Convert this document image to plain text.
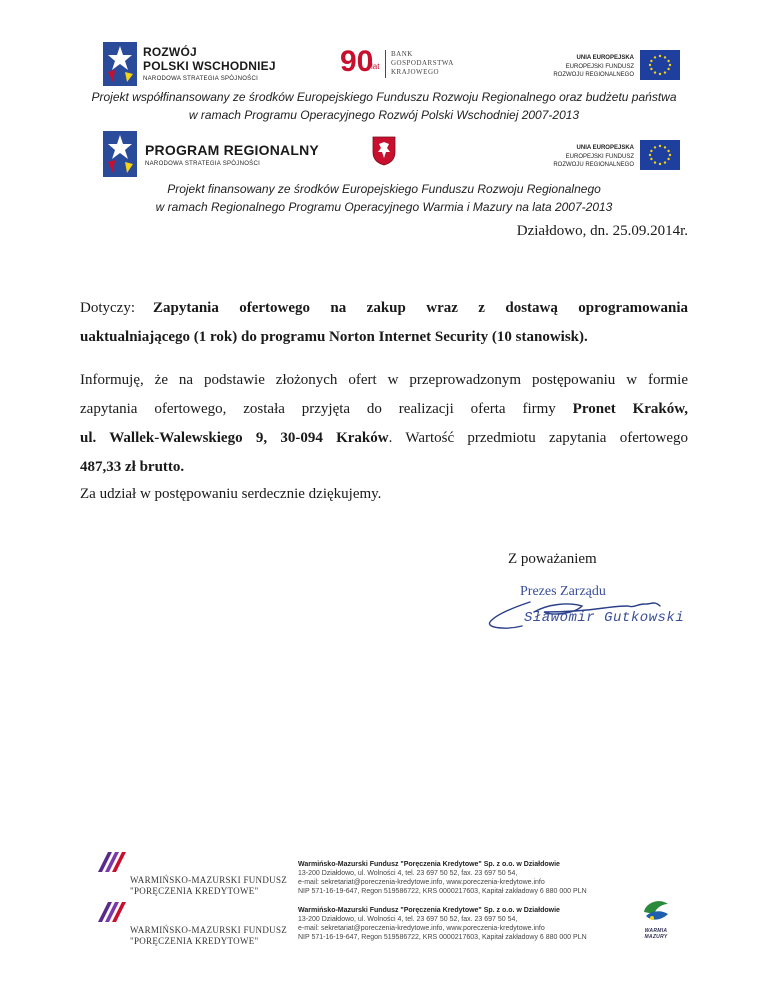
ROZWÓJ
POLSKI WSCHODNIEJ
NARODOWA STRATEGIA SPÓJNOŚCI
90
lat
BANK
GOSPODARSTWA
KRAJOWEGO
UNIA EUROPEJSKA
EUROPEJSKI FUNDUSZ
ROZWOJU REGIONALNEGO
Projekt współfinansowany ze środków Europejskiego Funduszu Rozwoju Regionalnego oraz budżetu państwa
w ramach Programu Operacyjnego Rozwój Polski Wschodniej 2007-2013
PROGRAM REGIONALNY
NARODOWA STRATEGIA SPÓJNOŚCI
UNIA EUROPEJSKA
EUROPEJSKI FUNDUSZ
ROZWOJU REGIONALNEGO
Projekt finansowany ze środków Europejskiego Funduszu Rozwoju Regionalnego
w ramach Regionalnego Programu Operacyjnego Warmia i Mazury na lata 2007-2013
Działdowo, dn. 25.09.2014r.
Dotyczy: Zapytania ofertowego na zakup wraz z dostawą oprogramowania
uaktualniającego (1 rok) do programu Norton Internet Security (10 stanowisk).
Informuję, że na podstawie złożonych ofert w przeprowadzonym postępowaniu w formie
zapytania ofertowego, została przyjęta do realizacji oferta firmy Pronet Kraków,
ul. Wallek-Walewskiego 9, 30-094 Kraków. Wartość przedmiotu zapytania ofertowego
487,33 zł brutto.
Za udział w postępowaniu serdecznie dziękujemy.
Z poważaniem
Prezes Zarządu
Sławomir Gutkowski
WARMIŃSKO-MAZURSKI FUNDUSZ
"PORĘCZENIA KREDYTOWE"
Warmińsko-Mazurski Fundusz "Poręczenia Kredytowe" Sp. z o.o. w Działdowie
13-200 Działdowo, ul. Wolności 4, tel. 23 697 50 52, fax. 23 697 50 54,
e-mail: sekretariat@poreczenia-kredytowe.info, www.poreczenia-kredytowe.info
NIP 571-16-19-647, Regon 519586722, KRS 0000217603, Kapitał zakładowy 6 880 000 PLN
WARMIŃSKO-MAZURSKI FUNDUSZ
"PORĘCZENIA KREDYTOWE"
Warmińsko-Mazurski Fundusz "Poręczenia Kredytowe" Sp. z o.o. w Działdowie
13-200 Działdowo, ul. Wolności 4, tel. 23 697 50 52, fax. 23 697 50 54,
e-mail: sekretariat@poreczenia-kredytowe.info, www.poreczenia-kredytowe.info
NIP 571-16-19-647, Regon 519586722, KRS 0000217603, Kapitał zakładowy 6 880 000 PLN
WARMIA MAZURY
